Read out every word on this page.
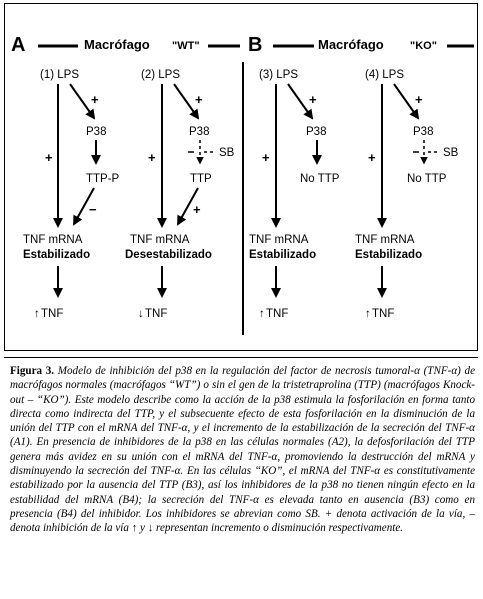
A	Macrófago "WT" B	Macrófago "KO"
(1) LPS
+
+
P38
TTP-P
−
TNF mRNA
Estabilizado
↑ TNF
(2) LPS
+
+
P38
SB
TTP
+
TNF mRNA
Desestabilizado
↓ TNF
(3) LPS
+
+
P38
No TTP
TNF mRNA
Estabilizado
↑ TNF
(4) LPS
+
+
P38
SB
No TTP
TNF mRNA
Estabilizado
↑ TNF
Figura 3. Modelo de inhibición del p38 en la regulación del factor de necrosis tumoral-α (TNF-α) de macrófagos normales (macrófagos “WT”) o sin el gen de la tristetraprolina (TTP) (macrófagos Knock-out – “KO”). Este modelo describe como la acción de la p38 estimula la fosforilación en forma tanto directa como indirecta del TTP, y el subsecuente efecto de esta fosforilación en la disminución de la unión del TTP con el mRNA del TNF-α, y el incremento de la estabilización de la secreción del TNF-α (A1). En presencia de inhibidores de la p38 en las células normales (A2), la defosforilación del TTP genera más avidez en su unión con el mRNA del TNF-α, promoviendo la destrucción del mRNA y disminuyendo la secreción del TNF-α. En las células “KO”, el mRNA del TNF-α es constitutivamente estabilizado por la ausencia del TTP (B3), así los inhibidores de la p38 no tienen ningún efecto en la estabilidad del mRNA (B4); la secreción del TNF-α es elevada tanto en ausencia (B3) como en presencia (B4) del inhibidor. Los inhibidores se abrevian como SB. + denota activación de la vía, – denota inhibición de la vía ↑ y ↓ representan incremento o disminución respectivamente.
